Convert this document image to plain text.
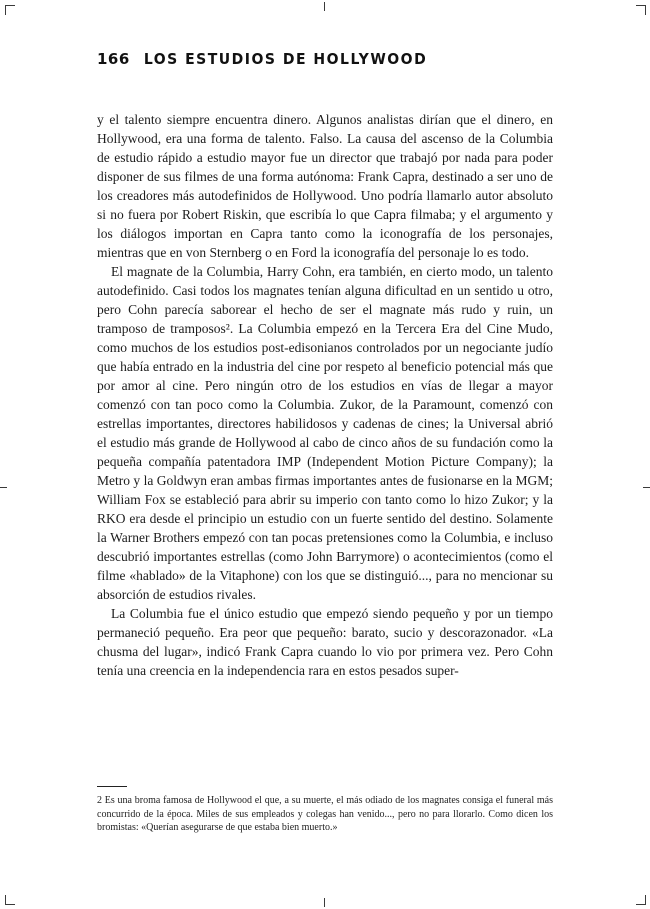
166 LOS ESTUDIOS DE HOLLYWOOD

y el talento siempre encuentra dinero. Algunos analistas dirían que el dinero, en Hollywood, era una forma de talento. Falso. La causa del ascenso de la Columbia de estudio rápido a estudio mayor fue un director que trabajó por nada para poder disponer de sus filmes de una forma autónoma: Frank Capra, destinado a ser uno de los creadores más autodefinidos de Hollywood. Uno podría llamarlo autor absoluto si no fuera por Robert Riskin, que escribía lo que Capra filmaba; y el argumento y los diálogos importan en Capra tanto como la iconografía de los personajes, mientras que en von Sternberg o en Ford la iconografía del personaje lo es todo.

El magnate de la Columbia, Harry Cohn, era también, en cierto modo, un talento autodefinido. Casi todos los magnates tenían alguna dificultad en un sentido u otro, pero Cohn parecía saborear el hecho de ser el magnate más rudo y ruin, un tramposo de tramposos². La Columbia empezó en la Tercera Era del Cine Mudo, como muchos de los estudios post-edisonianos controlados por un negociante judío que había entrado en la industria del cine por respeto al beneficio potencial más que por amor al cine. Pero ningún otro de los estudios en vías de llegar a mayor comenzó con tan poco como la Columbia. Zukor, de la Paramount, comenzó con estrellas importantes, directores habilidosos y cadenas de cines; la Universal abrió el estudio más grande de Hollywood al cabo de cinco años de su fundación como la pequeña compañía patentadora IMP (Independent Motion Picture Company); la Metro y la Goldwyn eran ambas firmas importantes antes de fusionarse en la MGM; William Fox se estableció para abrir su imperio con tanto como lo hizo Zukor; y la RKO era desde el principio un estudio con un fuerte sentido del destino. Solamente la Warner Brothers empezó con tan pocas pretensiones como la Columbia, e incluso descubrió importantes estrellas (como John Barrymore) o acontecimientos (como el filme «hablado» de la Vitaphone) con los que se distinguió..., para no mencionar su absorción de estudios rivales.

La Columbia fue el único estudio que empezó siendo pequeño y por un tiempo permaneció pequeño. Era peor que pequeño: barato, sucio y descorazonador. «La chusma del lugar», indicó Frank Capra cuando lo vio por primera vez. Pero Cohn tenía una creencia en la independencia rara en estos pesados super-

2 Es una broma famosa de Hollywood el que, a su muerte, el más odiado de los magnates consiga el funeral más concurrido de la época. Miles de sus empleados y colegas han venido..., pero no para llorarlo. Como dicen los bromistas: «Querían asegurarse de que estaba bien muerto.»
